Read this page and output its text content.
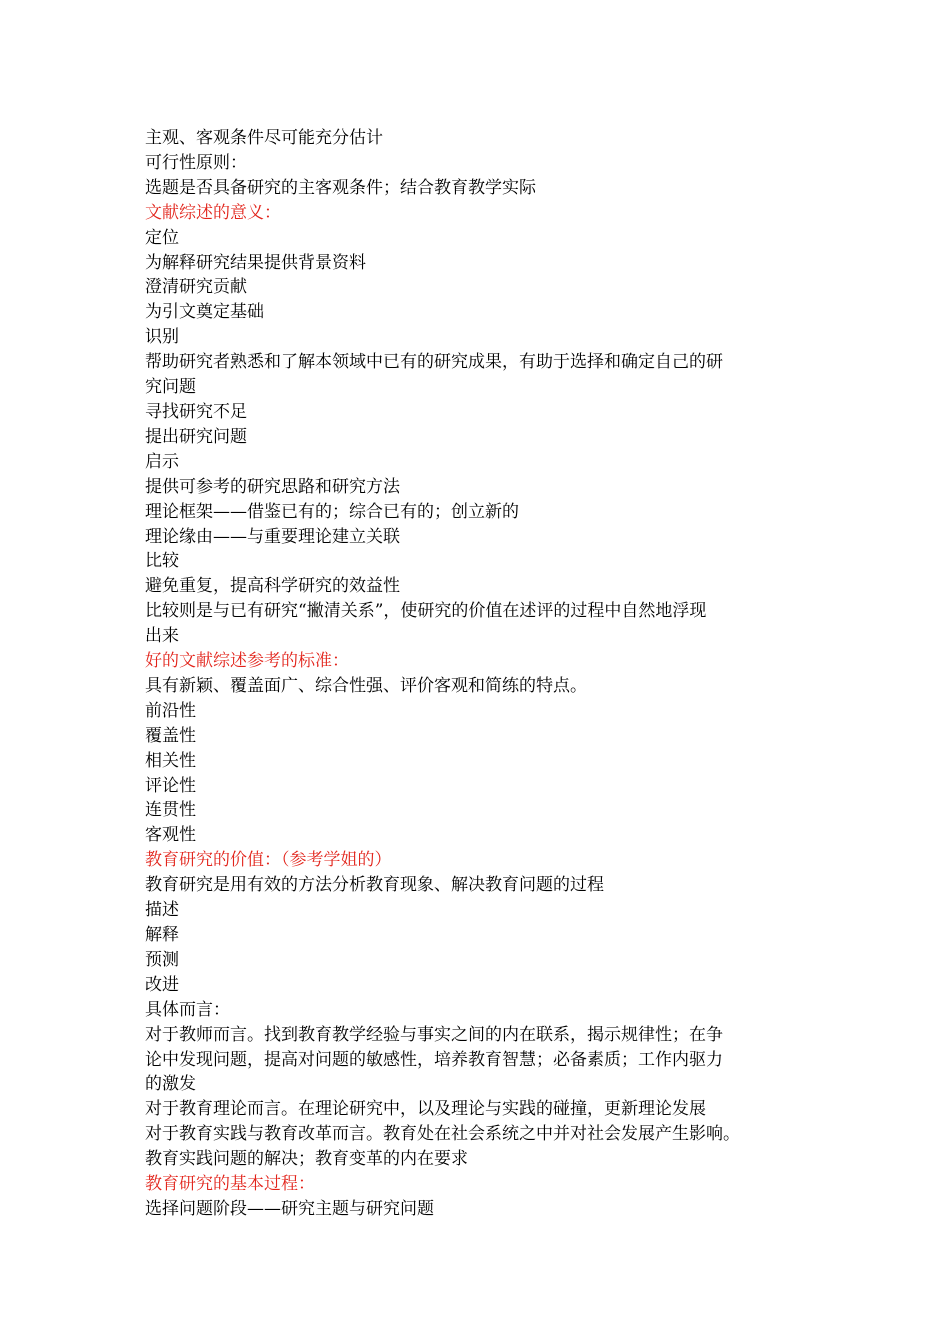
主观、客观条件尽可能充分估计
可行性原则：
选题是否具备研究的主客观条件；结合教育教学实际
文献综述的意义：
定位
为解释研究结果提供背景资料
澄清研究贡献
为引文奠定基础
识别
帮助研究者熟悉和了解本领域中已有的研究成果，有助于选择和确定自己的研
究问题
寻找研究不足
提出研究问题
启示
提供可参考的研究思路和研究方法
理论框架——借鉴已有的；综合已有的；创立新的
理论缘由——与重要理论建立关联
比较
避免重复，提高科学研究的效益性
比较则是与已有研究“撇清关系”，使研究的价值在述评的过程中自然地浮现
出来
好的文献综述参考的标准：
具有新颖、覆盖面广、综合性强、评价客观和简练的特点。
前沿性
覆盖性
相关性
评论性
连贯性
客观性
教育研究的价值：（参考学姐的）
教育研究是用有效的方法分析教育现象、解决教育问题的过程
描述
解释
预测
改进
具体而言：
对于教师而言。找到教育教学经验与事实之间的内在联系，揭示规律性；在争
论中发现问题，提高对问题的敏感性，培养教育智慧；必备素质；工作内驱力
的激发
对于教育理论而言。在理论研究中，以及理论与实践的碰撞，更新理论发展
对于教育实践与教育改革而言。教育处在社会系统之中并对社会发展产生影响。
教育实践问题的解决；教育变革的内在要求
教育研究的基本过程：
选择问题阶段——研究主题与研究问题
